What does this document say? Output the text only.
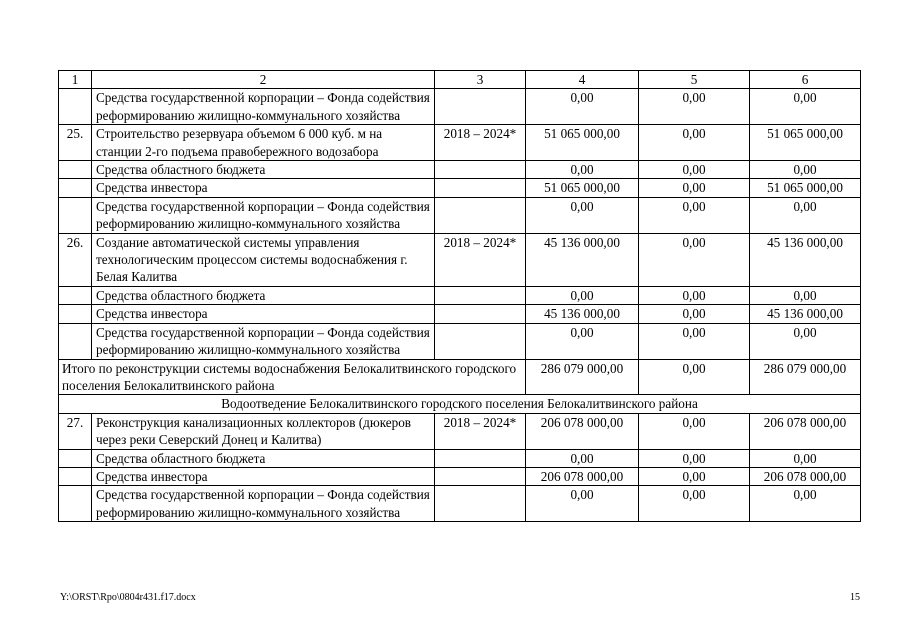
1	2	3	4	5	6
	Средства государственной корпорации – Фонда содействия реформированию жилищно-коммунального хозяйства		0,00	0,00	0,00
25.	Строительство резервуара объемом 6 000 куб. м на станции 2-го подъема правобережного водозабора	2018 – 2024*	51 065 000,00	0,00	51 065 000,00
	Средства областного бюджета		0,00	0,00	0,00
	Средства инвестора		51 065 000,00	0,00	51 065 000,00
	Средства государственной корпорации – Фонда содействия реформированию жилищно-коммунального хозяйства		0,00	0,00	0,00
26.	Создание автоматической системы управления технологическим процессом системы водоснабжения г. Белая Калитва	2018 – 2024*	45 136 000,00	0,00	45 136 000,00
	Средства областного бюджета		0,00	0,00	0,00
	Средства инвестора		45 136 000,00	0,00	45 136 000,00
	Средства государственной корпорации – Фонда содействия реформированию жилищно-коммунального хозяйства		0,00	0,00	0,00
Итого по реконструкции системы водоснабжения Белокалитвинского городского поселения Белокалитвинского района			286 079 000,00	0,00	286 079 000,00
Водоотведение Белокалитвинского городского поселения Белокалитвинского района					
27.	Реконструкция канализационных коллекторов (дюкеров через реки Северский Донец и Калитва)	2018 – 2024*	206 078 000,00	0,00	206 078 000,00
	Средства областного бюджета		0,00	0,00	0,00
	Средства инвестора		206 078 000,00	0,00	206 078 000,00
	Средства государственной корпорации – Фонда содействия реформированию жилищно-коммунального хозяйства		0,00	0,00	0,00
Y:\ORST\Rpo\0804r431.f17.docx	15
